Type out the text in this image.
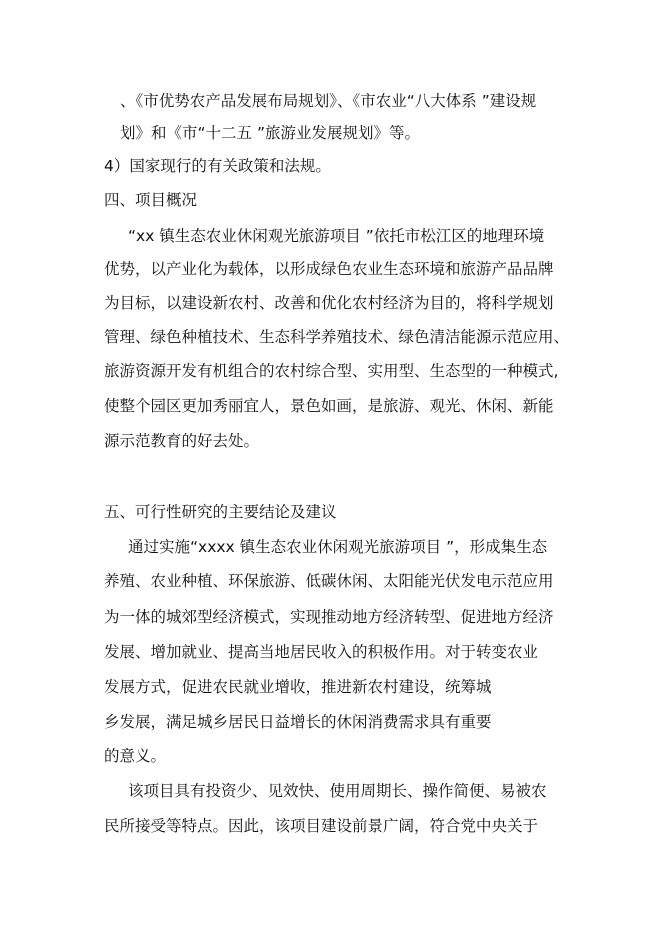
、《市优势农产品发展布局规划》、《市农业“八大体系 ”建设规
划》和《市“十二五 ”旅游业发展规划》等。
4）国家现行的有关政策和法规。
四、项目概况
“xx 镇生态农业休闲观光旅游项目 ”依托市松江区的地理环境
优势，以产业化为载体，以形成绿色农业生态环境和旅游产品品牌
为目标，以建设新农村、改善和优化农村经济为目的，将科学规划
管理、绿色种植技术、生态科学养殖技术、绿色清洁能源示范应用、
旅游资源开发有机组合的农村综合型、实用型、生态型的一种模式,
使整个园区更加秀丽宜人，景色如画，是旅游、观光、休闲、新能
源示范教育的好去处。
五、可行性研究的主要结论及建议
通过实施“xxxx 镇生态农业休闲观光旅游项目 ”，形成集生态
养殖、农业种植、环保旅游、低碳休闲、太阳能光伏发电示范应用
为一体的城郊型经济模式，实现推动地方经济转型、促进地方经济
发展、增加就业、提高当地居民收入的积极作用。对于转变农业
发展方式，促进农民就业增收，推进新农村建设，统筹城
乡发展，满足城乡居民日益增长的休闲消费需求具有重要
的意义。
该项目具有投资少、见效快、使用周期长、操作简便、易被农
民所接受等特点。因此，该项目建设前景广阔，符合党中央关于
